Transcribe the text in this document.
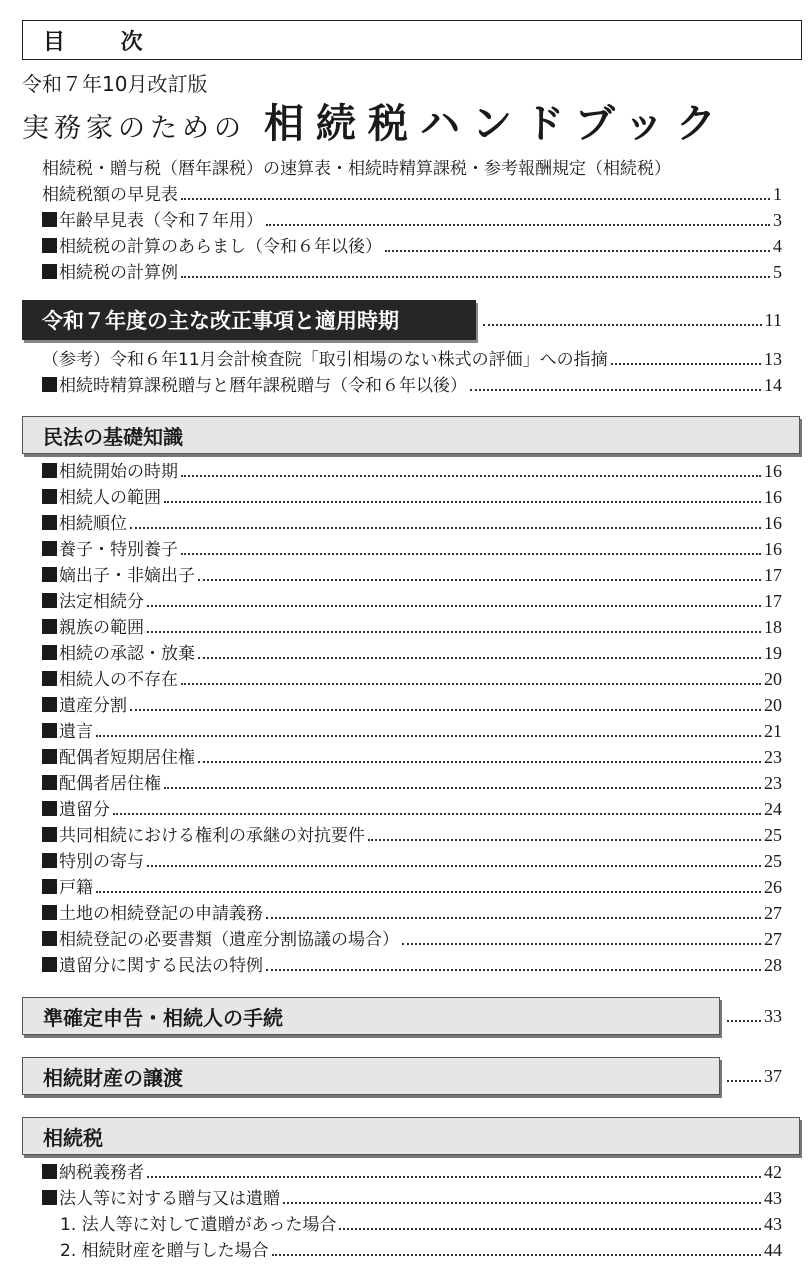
目 次
令和７年10月改訂版
実務家のための 相続税ハンドブック
相続税・贈与税（暦年課税）の速算表・相続時精算課税・参考報酬規定（相続税）
相続税額の早見表	1
年齢早見表（令和７年用）	3
相続税の計算のあらまし（令和６年以後）	4
相続税の計算例	5
令和７年度の主な改正事項と適用時期	11
（参考）令和６年11月会計検査院「取引相場のない株式の評価」への指摘	13
相続時精算課税贈与と暦年課税贈与（令和６年以後）	14
民法の基礎知識
相続開始の時期	16
相続人の範囲	16
相続順位	16
養子・特別養子	16
嫡出子・非嫡出子	17
法定相続分	17
親族の範囲	18
相続の承認・放棄	19
相続人の不存在	20
遺産分割	20
遺言	21
配偶者短期居住権	23
配偶者居住権	23
遺留分	24
共同相続における権利の承継の対抗要件	25
特別の寄与	25
戸籍	26
土地の相続登記の申請義務	27
相続登記の必要書類（遺産分割協議の場合）	27
遺留分に関する民法の特例	28
準確定申告・相続人の手続	33
相続財産の譲渡	37
相続税
納税義務者	42
法人等に対する贈与又は遺贈	43
1. 法人等に対して遺贈があった場合	43
2. 相続財産を贈与した場合	44
